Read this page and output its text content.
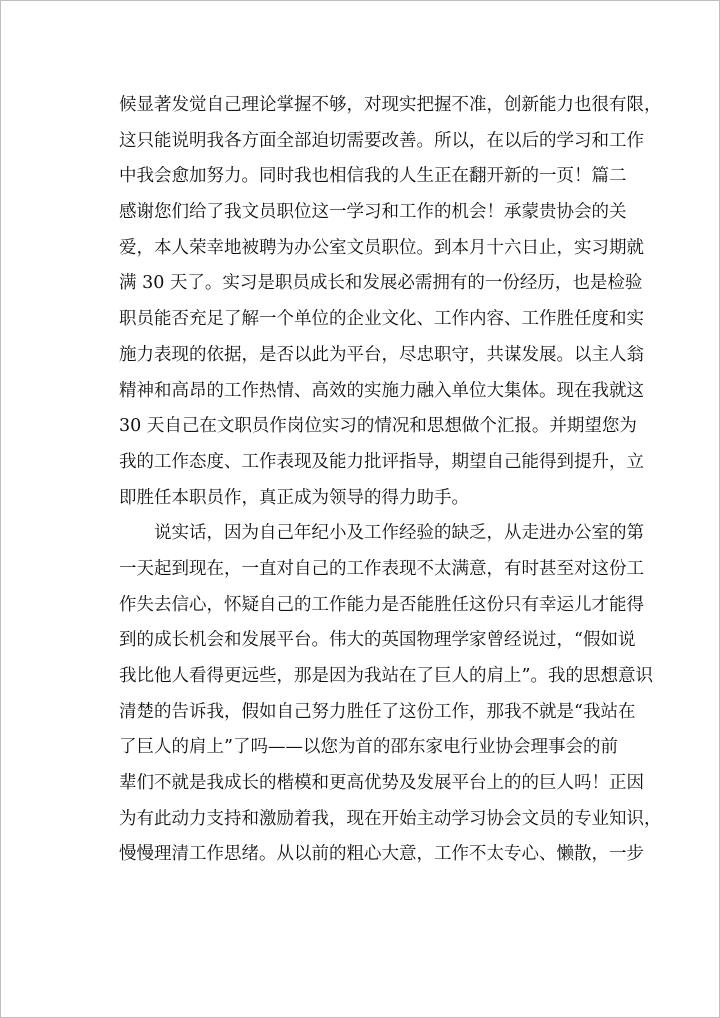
候显著发觉自己理论掌握不够，对现实把握不准，创新能力也很有限，
这只能说明我各方面全部迫切需要改善。所以，在以后的学习和工作
中我会愈加努力。同时我也相信我的人生正在翻开新的一页！篇二
感谢您们给了我文员职位这一学习和工作的机会！承蒙贵协会的关
爱，本人荣幸地被聘为办公室文员职位。到本月十六日止，实习期就
满 30 天了。实习是职员成长和发展必需拥有的一份经历，也是检验
职员能否充足了解一个单位的企业文化、工作内容、工作胜任度和实
施力表现的依据，是否以此为平台，尽忠职守，共谋发展。以主人翁
精神和高昂的工作热情、高效的实施力融入单位大集体。现在我就这
30 天自己在文职员作岗位实习的情况和思想做个汇报。并期望您为
我的工作态度、工作表现及能力批评指导，期望自己能得到提升，立
即胜任本职员作，真正成为领导的得力助手。
说实话，因为自己年纪小及工作经验的缺乏，从走进办公室的第
一天起到现在，一直对自己的工作表现不太满意，有时甚至对这份工
作失去信心，怀疑自己的工作能力是否能胜任这份只有幸运儿才能得
到的成长机会和发展平台。伟大的英国物理学家曾经说过，“假如说
我比他人看得更远些，那是因为我站在了巨人的肩上”。我的思想意识
清楚的告诉我，假如自己努力胜任了这份工作，那我不就是“我站在
了巨人的肩上”了吗——以您为首的邵东家电行业协会理事会的前
辈们不就是我成长的楷模和更高优势及发展平台上的的巨人吗！正因
为有此动力支持和激励着我，现在开始主动学习协会文员的专业知识，
慢慢理清工作思绪。从以前的粗心大意，工作不太专心、懒散，一步
